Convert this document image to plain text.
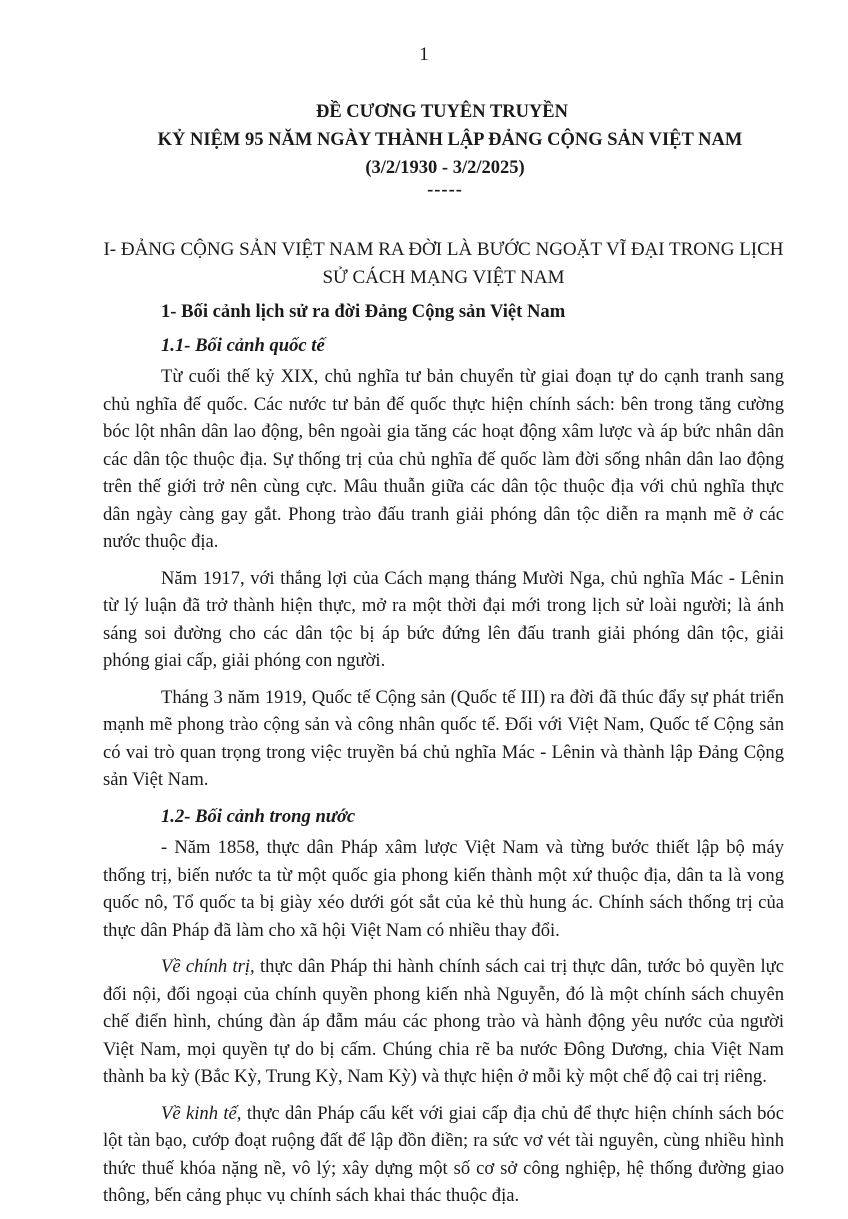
1
ĐỀ CƯƠNG TUYÊN TRUYỀN
KỶ NIỆM 95 NĂM NGÀY THÀNH LẬP ĐẢNG CỘNG SẢN VIỆT NAM
(3/2/1930 - 3/2/2025)
-----
I- ĐẢNG CỘNG SẢN VIỆT NAM RA ĐỜI LÀ BƯỚC NGOẶT VĨ ĐẠI TRONG LỊCH SỬ CÁCH MẠNG VIỆT NAM
1- Bối cảnh lịch sử ra đời Đảng Cộng sản Việt Nam
1.1- Bối cảnh quốc tế

Từ cuối thế kỷ XIX, chủ nghĩa tư bản chuyển từ giai đoạn tự do cạnh tranh sang chủ nghĩa đế quốc. Các nước tư bản đế quốc thực hiện chính sách: bên trong tăng cường bóc lột nhân dân lao động, bên ngoài gia tăng các hoạt động xâm lược và áp bức nhân dân các dân tộc thuộc địa. Sự thống trị của chủ nghĩa đế quốc làm đời sống nhân dân lao động trên thế giới trở nên cùng cực. Mâu thuẫn giữa các dân tộc thuộc địa với chủ nghĩa thực dân ngày càng gay gắt. Phong trào đấu tranh giải phóng dân tộc diễn ra mạnh mẽ ở các nước thuộc địa.

Năm 1917, với thắng lợi của Cách mạng tháng Mười Nga, chủ nghĩa Mác - Lênin từ lý luận đã trở thành hiện thực, mở ra một thời đại mới trong lịch sử loài người; là ánh sáng soi đường cho các dân tộc bị áp bức đứng lên đấu tranh giải phóng dân tộc, giải phóng giai cấp, giải phóng con người.

Tháng 3 năm 1919, Quốc tế Cộng sản (Quốc tế III) ra đời đã thúc đẩy sự phát triển mạnh mẽ phong trào cộng sản và công nhân quốc tế. Đối với Việt Nam, Quốc tế Cộng sản có vai trò quan trọng trong việc truyền bá chủ nghĩa Mác - Lênin và thành lập Đảng Cộng sản Việt Nam.

1.2- Bối cảnh trong nước

- Năm 1858, thực dân Pháp xâm lược Việt Nam và từng bước thiết lập bộ máy thống trị, biến nước ta từ một quốc gia phong kiến thành một xứ thuộc địa, dân ta là vong quốc nô, Tổ quốc ta bị giày xéo dưới gót sắt của kẻ thù hung ác. Chính sách thống trị của thực dân Pháp đã làm cho xã hội Việt Nam có nhiều thay đổi.

Về chính trị, thực dân Pháp thi hành chính sách cai trị thực dân, tước bỏ quyền lực đối nội, đối ngoại của chính quyền phong kiến nhà Nguyễn, đó là một chính sách chuyên chế điển hình, chúng đàn áp đẫm máu các phong trào và hành động yêu nước của người Việt Nam, mọi quyền tự do bị cấm. Chúng chia rẽ ba nước Đông Dương, chia Việt Nam thành ba kỳ (Bắc Kỳ, Trung Kỳ, Nam Kỳ) và thực hiện ở mỗi kỳ một chế độ cai trị riêng.

Về kinh tế, thực dân Pháp cấu kết với giai cấp địa chủ để thực hiện chính sách bóc lột tàn bạo, cướp đoạt ruộng đất để lập đồn điền; ra sức vơ vét tài nguyên, cùng nhiều hình thức thuế khóa nặng nề, vô lý; xây dựng một số cơ sở công nghiệp, hệ thống đường giao thông, bến cảng phục vụ chính sách khai thác thuộc địa.
